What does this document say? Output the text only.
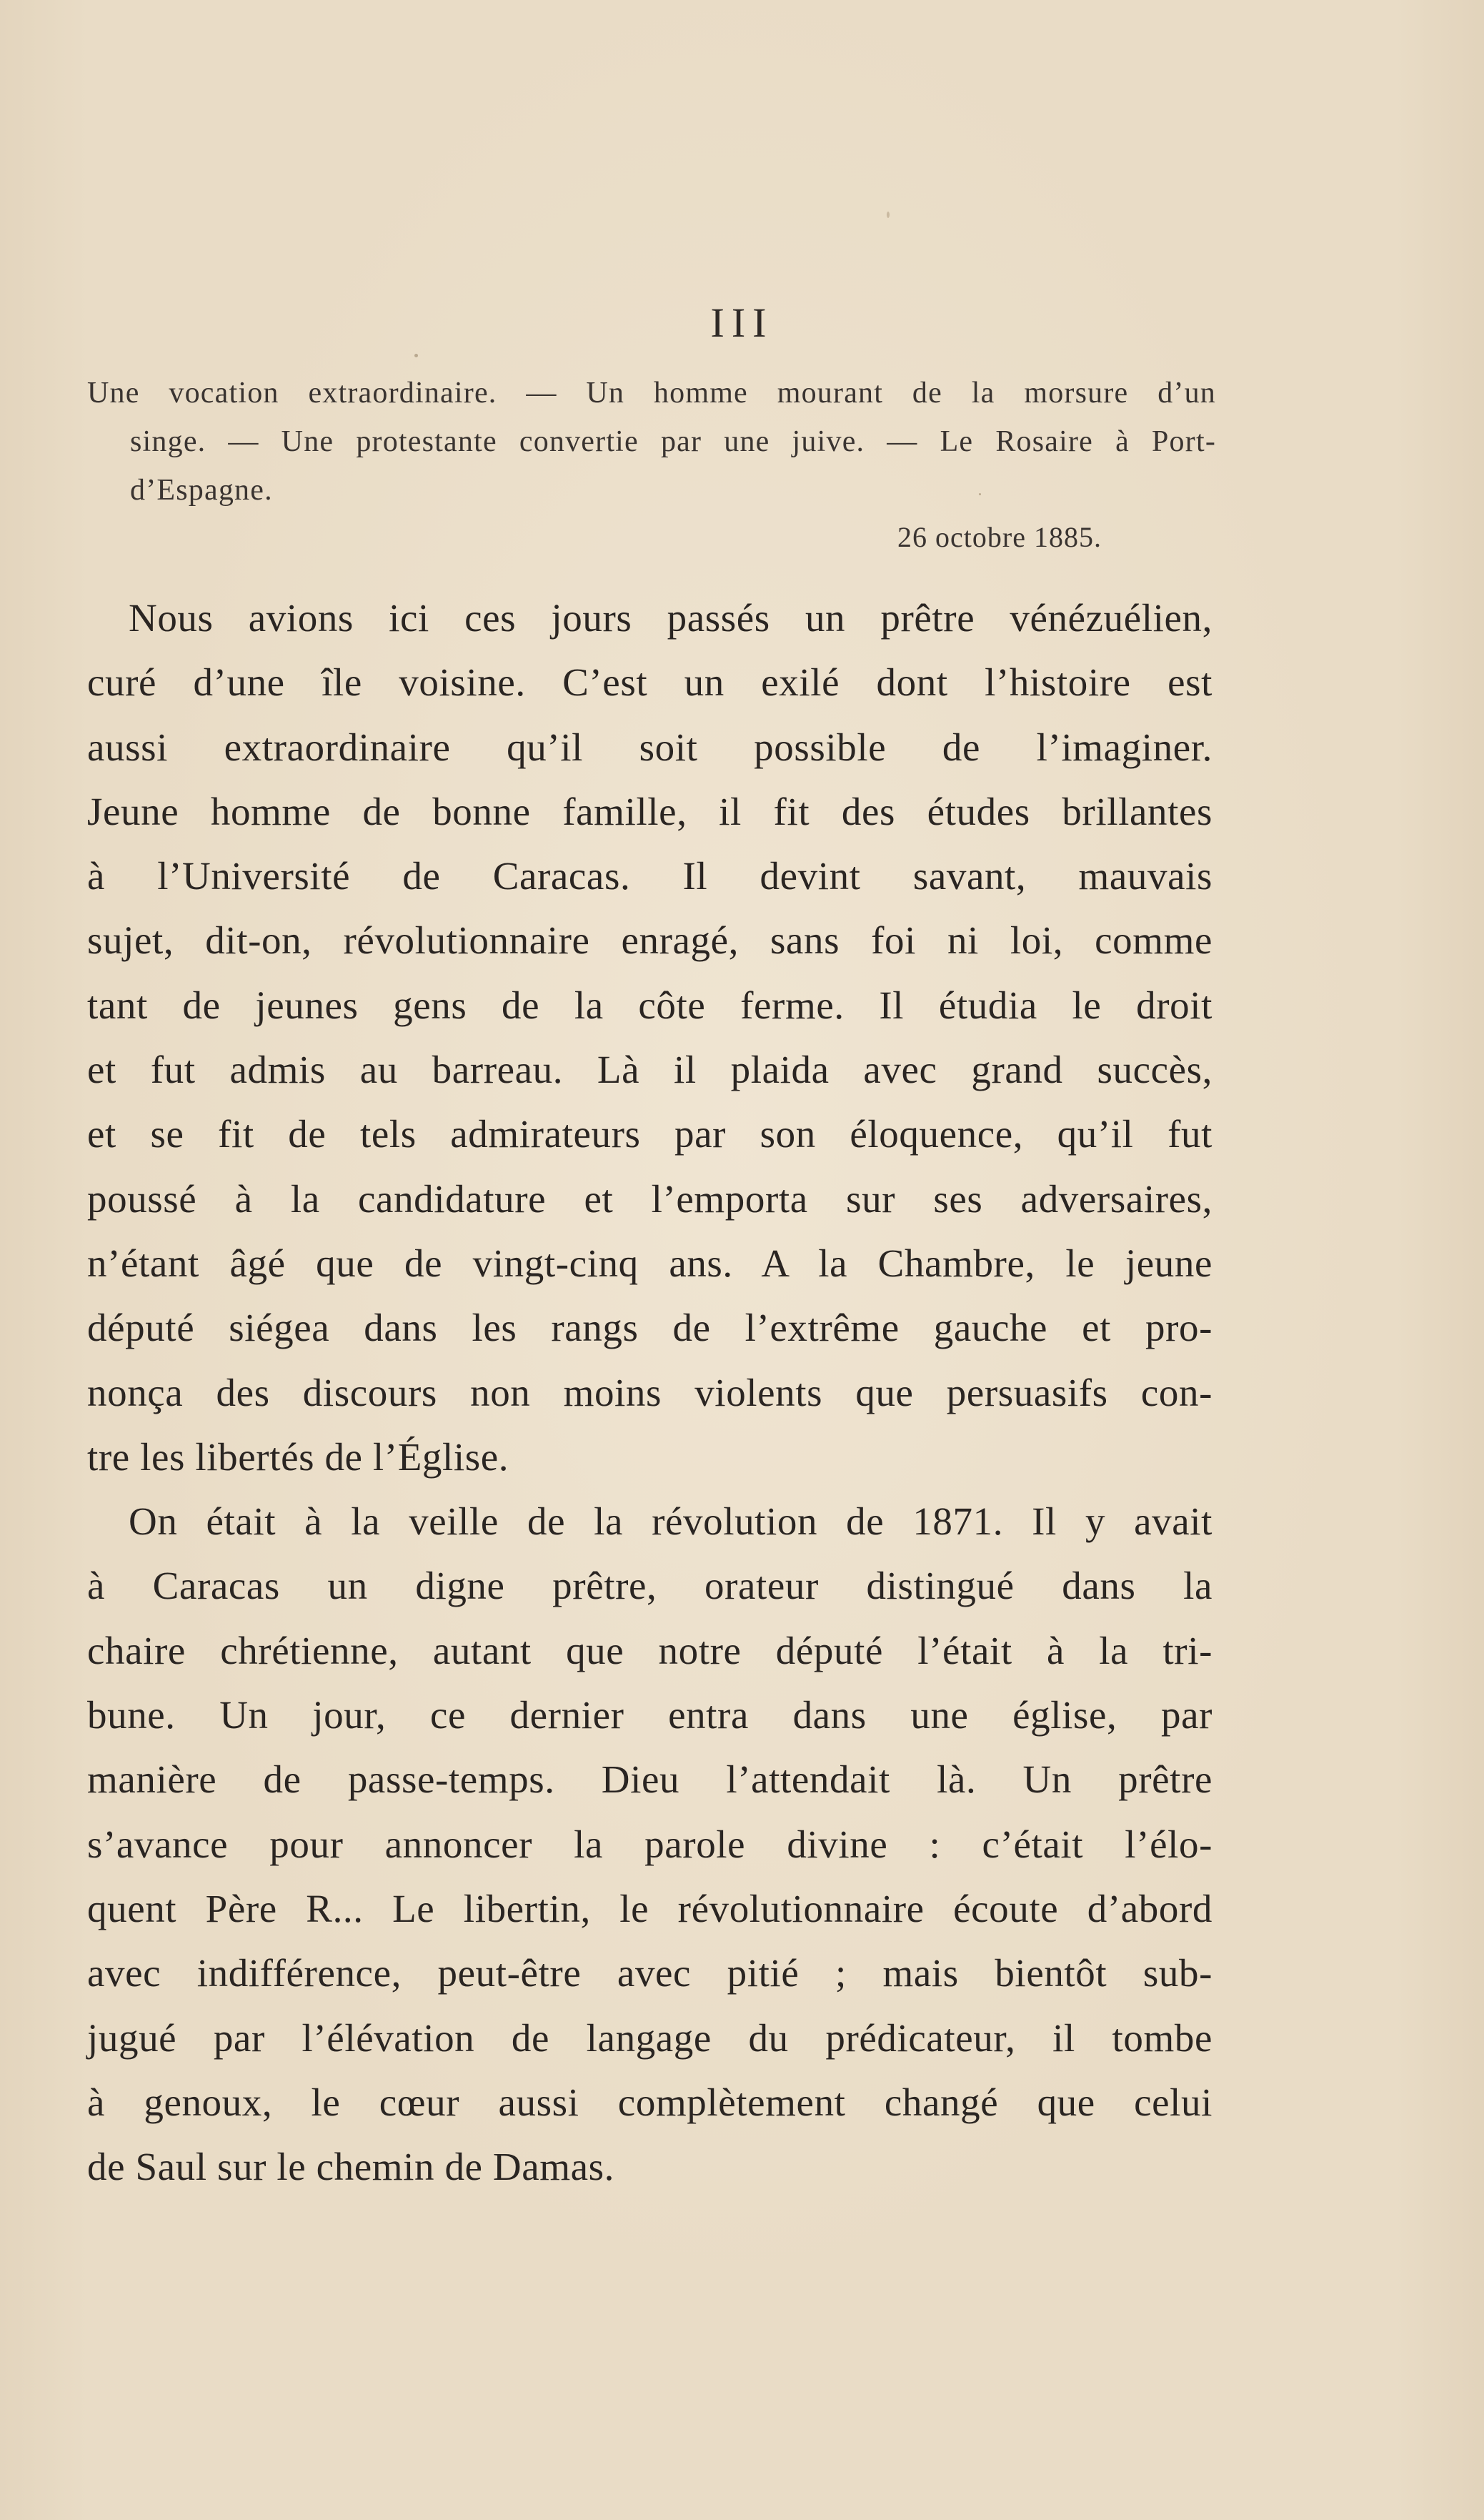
III
Une vocation extraordinaire. — Un homme mourant de la morsure d’un
singe. — Une protestante convertie par une juive. — Le Rosaire à Port-
d’Espagne.
26 octobre 1885.
Nous avions ici ces jours passés un prêtre vénézuélien,
curé d’une île voisine. C’est un exilé dont l’histoire est
aussi extraordinaire qu’il soit possible de l’imaginer.
Jeune homme de bonne famille, il fit des études brillantes
à l’Université de Caracas. Il devint savant, mauvais
sujet, dit-on, révolutionnaire enragé, sans foi ni loi, comme
tant de jeunes gens de la côte ferme. Il étudia le droit
et fut admis au barreau. Là il plaida avec grand succès,
et se fit de tels admirateurs par son éloquence, qu’il fut
poussé à la candidature et l’emporta sur ses adversaires,
n’étant âgé que de vingt-cinq ans. A la Chambre, le jeune
député siégea dans les rangs de l’extrême gauche et pro-
nonça des discours non moins violents que persuasifs con-
tre les libertés de l’Église.
On était à la veille de la révolution de 1871. Il y avait
à Caracas un digne prêtre, orateur distingué dans la
chaire chrétienne, autant que notre député l’était à la tri-
bune. Un jour, ce dernier entra dans une église, par
manière de passe-temps. Dieu l’attendait là. Un prêtre
s’avance pour annoncer la parole divine : c’était l’élo-
quent Père R... Le libertin, le révolutionnaire écoute d’abord
avec indifférence, peut-être avec pitié ; mais bientôt sub-
jugué par l’élévation de langage du prédicateur, il tombe
à genoux, le cœur aussi complètement changé que celui
de Saul sur le chemin de Damas.
